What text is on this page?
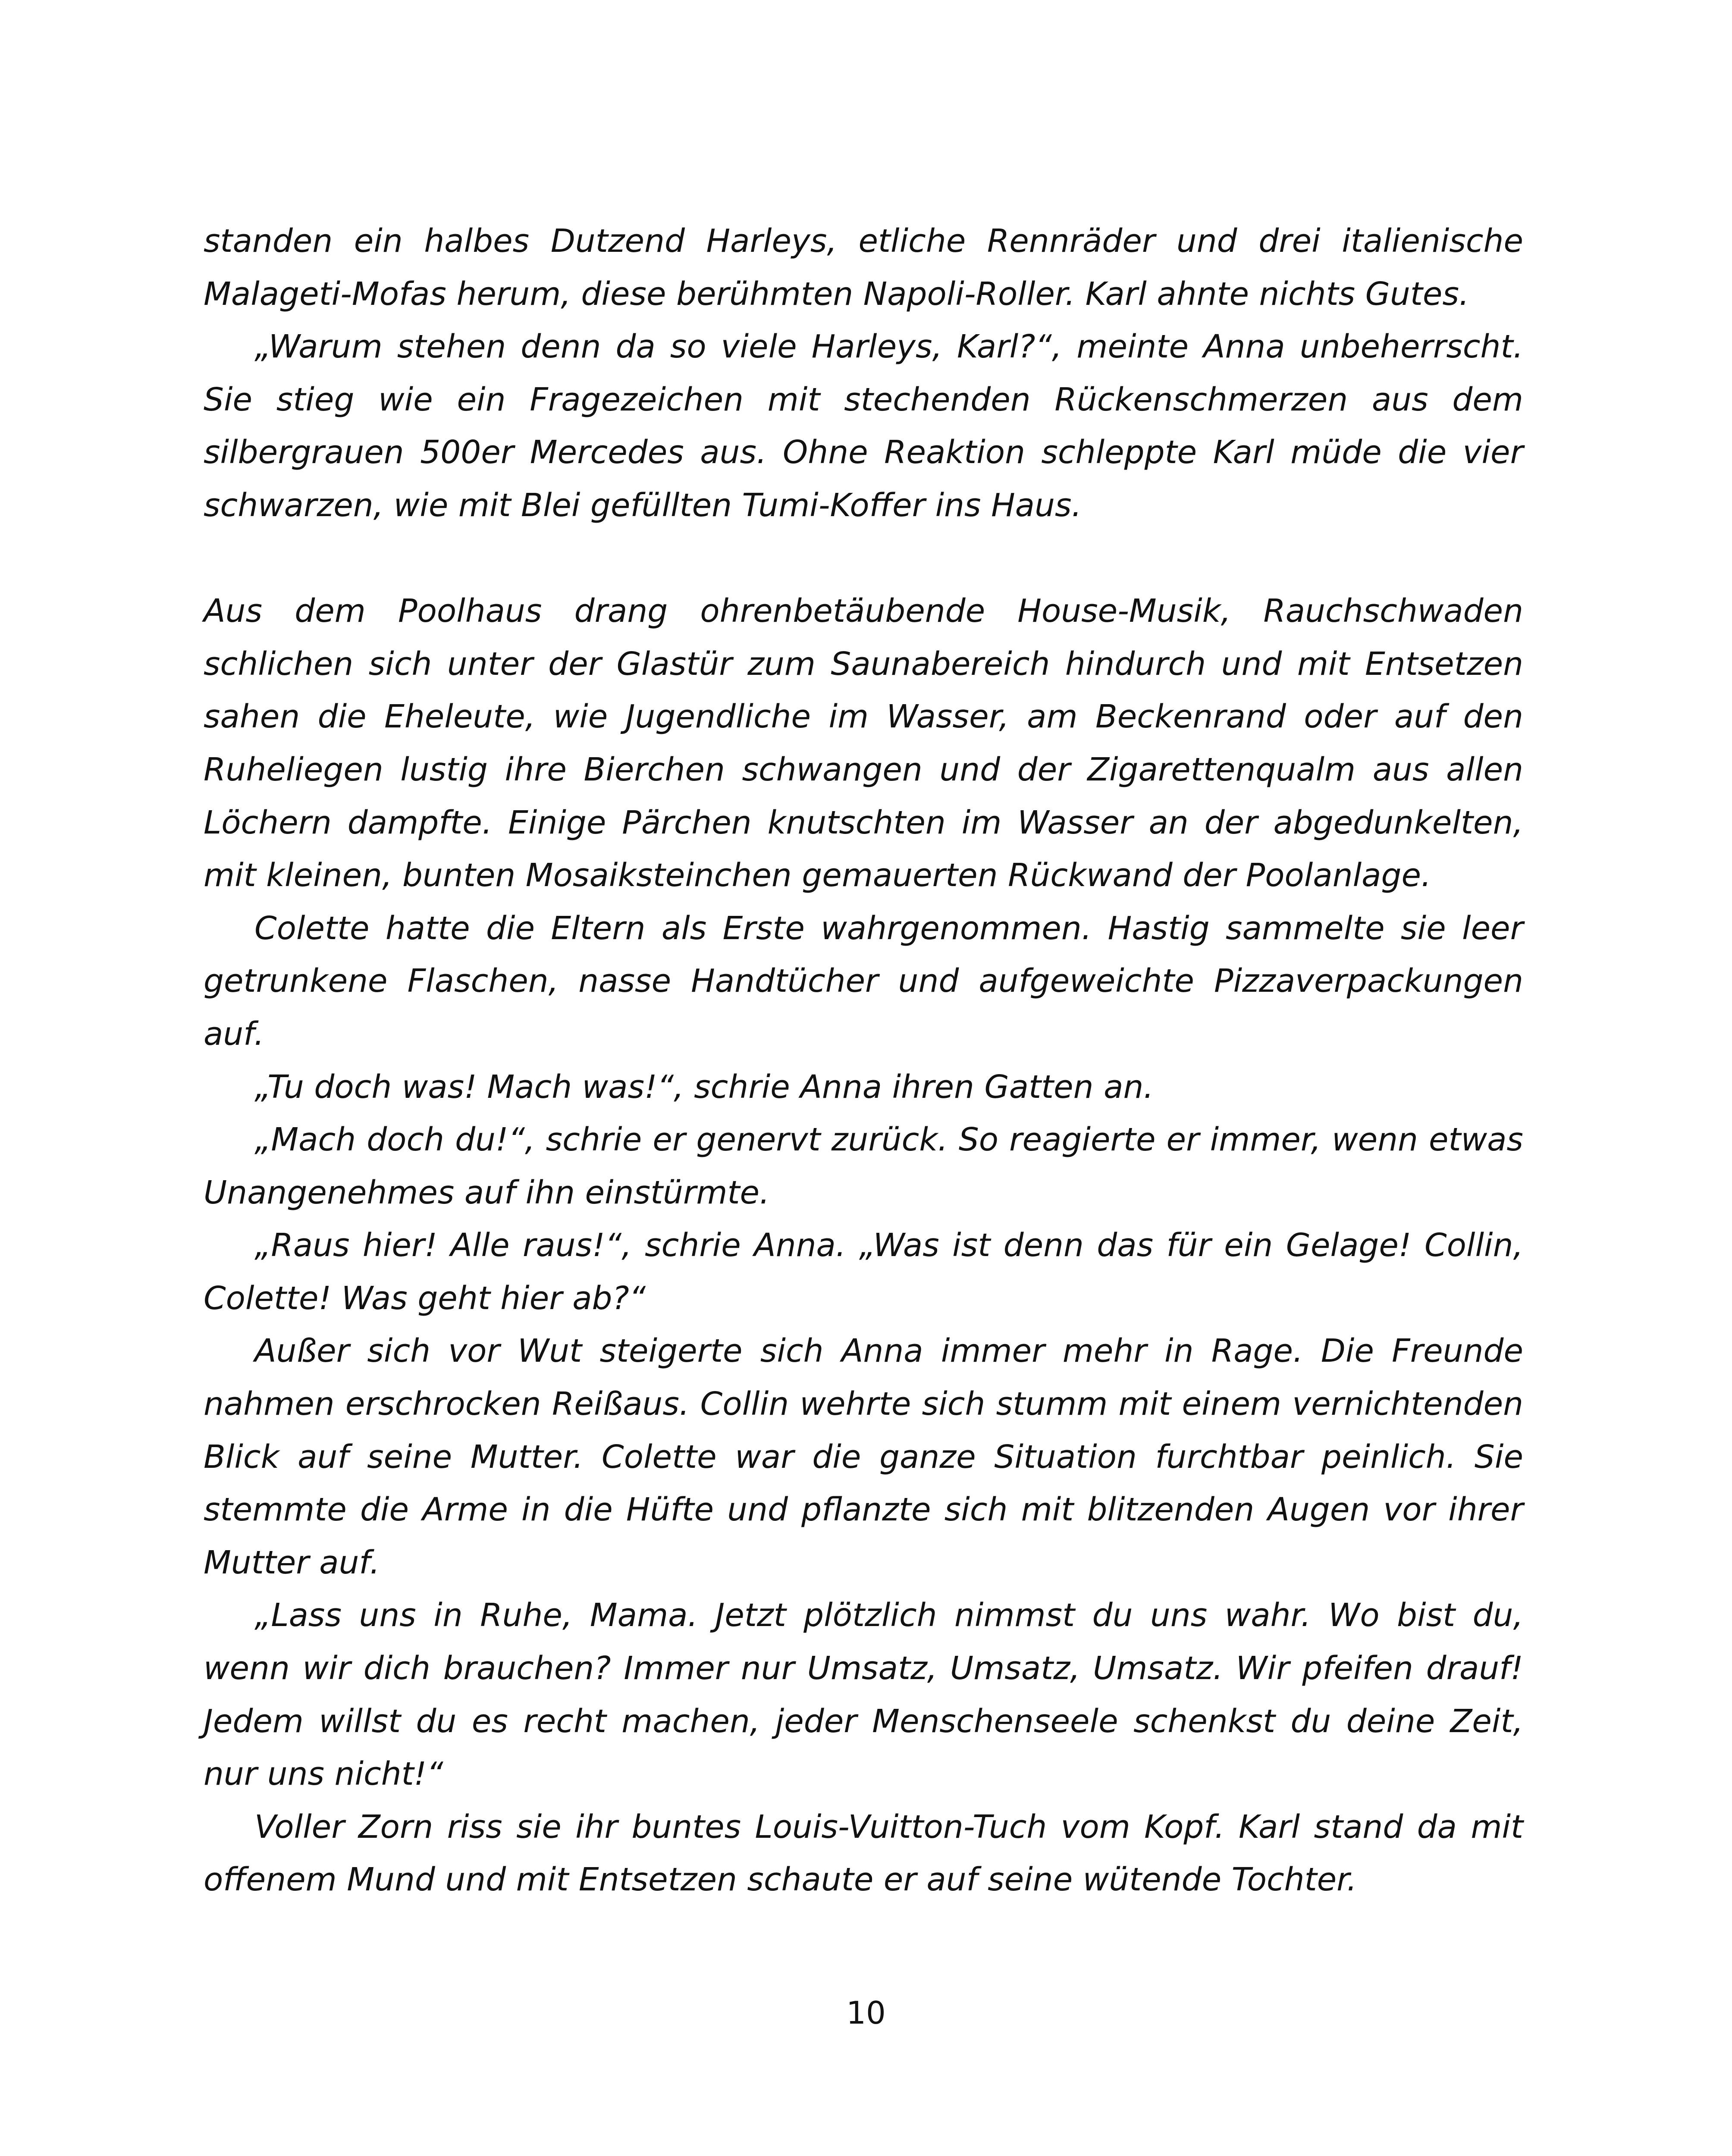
standen ein halbes Dutzend Harleys, etliche Rennräder und drei italienische Malageti-Mofas herum, diese berühmten Napoli-Roller. Karl ahnte nichts Gutes.

„Warum stehen denn da so viele Harleys, Karl?“, meinte Anna unbeherrscht. Sie stieg wie ein Fragezeichen mit stechenden Rückenschmerzen aus dem silbergrauen 500er Mercedes aus. Ohne Reaktion schleppte Karl müde die vier schwarzen, wie mit Blei gefüllten Tumi-Koffer ins Haus.

Aus dem Poolhaus drang ohrenbetäubende House-Musik, Rauchschwaden schlichen sich unter der Glastür zum Saunabereich hindurch und mit Entsetzen sahen die Eheleute, wie Jugendliche im Wasser, am Beckenrand oder auf den Ruheliegen lustig ihre Bierchen schwangen und der Zigarettenqualm aus allen Löchern dampfte. Einige Pärchen knutschten im Wasser an der abgedunkelten, mit kleinen, bunten Mosaiksteinchen gemauerten Rückwand der Poolanlage.

Colette hatte die Eltern als Erste wahrgenommen. Hastig sammelte sie leer getrunkene Flaschen, nasse Handtücher und aufgeweichte Pizzaverpackungen auf.

„Tu doch was! Mach was!“, schrie Anna ihren Gatten an.

„Mach doch du!“, schrie er genervt zurück. So reagierte er immer, wenn etwas Unangenehmes auf ihn einstürmte.

„Raus hier! Alle raus!“, schrie Anna. „Was ist denn das für ein Gelage! Collin, Colette! Was geht hier ab?“

Außer sich vor Wut steigerte sich Anna immer mehr in Rage. Die Freunde nahmen erschrocken Reißaus. Collin wehrte sich stumm mit einem vernichtenden Blick auf seine Mutter. Colette war die ganze Situation furchtbar peinlich. Sie stemmte die Arme in die Hüfte und pflanzte sich mit blitzenden Augen vor ihrer Mutter auf.

„Lass uns in Ruhe, Mama. Jetzt plötzlich nimmst du uns wahr. Wo bist du, wenn wir dich brauchen? Immer nur Umsatz, Umsatz, Umsatz. Wir pfeifen drauf! Jedem willst du es recht machen, jeder Menschenseele schenkst du deine Zeit, nur uns nicht!“

Voller Zorn riss sie ihr buntes Louis-Vuitton-Tuch vom Kopf. Karl stand da mit offenem Mund und mit Entsetzen schaute er auf seine wütende Tochter.

10
